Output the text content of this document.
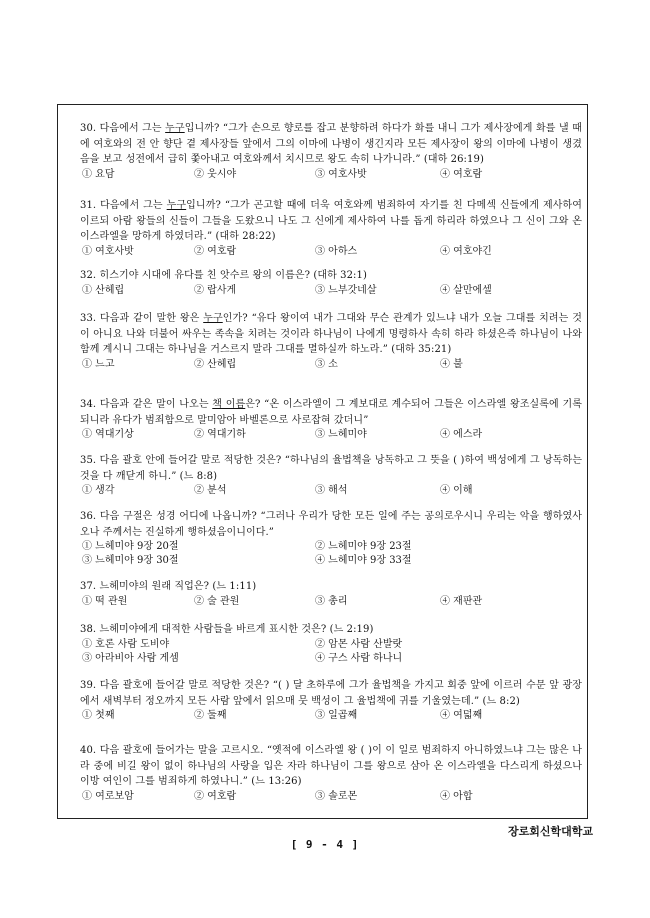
30. 다음에서 그는 누구입니까? “그가 손으로 향로를 잡고 분향하려 하다가 화를 내니 그가 제사장에게 화를 낼 때에 여호와의 전 안 향단 곁 제사장들 앞에서 그의 이마에 나병이 생긴지라 모든 제사장이 왕의 이마에 나병이 생겼음을 보고 성전에서 급히 쫓아내고 여호와께서 치시므로 왕도 속히 나가니라.” (대하 26:19)

① 요담	② 웃시야	③ 여호사밧	④ 여호람

31. 다음에서 그는 누구입니까? “그가 곤고할 때에 더욱 여호와께 범죄하여 자기를 친 다메섹 신들에게 제사하여 이르되 아람 왕들의 신들이 그들을 도왔으니 나도 그 신에게 제사하여 나를 돕게 하리라 하였으나 그 신이 그와 온 이스라엘을 망하게 하였더라.” (대하 28:22)

① 여호사밧	② 여호람	③ 아하스	④ 여호야긴

32. 히스기야 시대에 유다를 친 앗수르 왕의 이름은? (대하 32:1)

① 산헤립	② 랍사게	③ 느부갓네살	④ 살만에셀

33. 다음과 같이 말한 왕은 누구인가? “유다 왕이여 내가 그대와 무슨 관계가 있느냐 내가 오늘 그대를 치려는 것이 아니요 나와 더불어 싸우는 족속을 치려는 것이라 하나님이 나에게 명령하사 속히 하라 하셨은즉 하나님이 나와 함께 계시니 그대는 하나님을 거스르지 말라 그대를 멸하실까 하노라.” (대하 35:21)

① 느고	② 산헤립	③ 소	④ 불

34. 다음과 같은 말이 나오는 책 이름은? “온 이스라엘이 그 계보대로 계수되어 그들은 이스라엘 왕조실록에 기록되니라 유다가 범죄함으로 말미암아 바벨론으로 사로잡혀 갔더니”

① 역대기상	② 역대기하	③ 느헤미야	④ 에스라

35. 다음 괄호 안에 들어갈 말로 적당한 것은? “하나님의 율법책을 낭독하고 그 뜻을 ( )하여 백성에게 그 낭독하는 것을 다 깨닫게 하니.” (느 8:8)

① 생각	② 분석	③ 해석	④ 이해

36. 다음 구절은 성경 어디에 나옵니까? “그러나 우리가 당한 모든 일에 주는 공의로우시니 우리는 악을 행하였사오나 주께서는 진실하게 행하셨음이니이다.”

① 느헤미야 9장 20절	② 느헤미야 9장 23절
③ 느헤미야 9장 30절	④ 느헤미야 9장 33절

37. 느헤미야의 원래 직업은? (느 1:11)

① 떡 관원	② 술 관원	③ 총리	④ 재판관

38. 느헤미야에게 대적한 사람들을 바르게 표시한 것은? (느 2:19)

① 호론 사람 도비야	② 암몬 사람 산발랏
③ 아라비아 사람 게셈	④ 구스 사람 하나니

39. 다음 괄호에 들어갈 말로 적당한 것은? “( ) 달 초하루에 그가 율법책을 가지고 회중 앞에 이르러 수문 앞 광장에서 새벽부터 정오까지 모든 사람 앞에서 읽으매 뭇 백성이 그 율법책에 귀를 기울였는데.” (느 8:2)

① 첫째	② 둘째	③ 일곱째	④ 여덟째

40. 다음 괄호에 들어가는 말을 고르시오. “옛적에 이스라엘 왕 ( )이 이 일로 범죄하지 아니하였느냐 그는 많은 나라 중에 비길 왕이 없이 하나님의 사랑을 입은 자라 하나님이 그를 왕으로 삼아 온 이스라엘을 다스리게 하셨으나 이방 여인이 그를 범죄하게 하였나니.” (느 13:26)

① 여로보암	② 여호람	③ 솔로몬	④ 아합
장로회신학대학교
[ 9 - 4 ]
